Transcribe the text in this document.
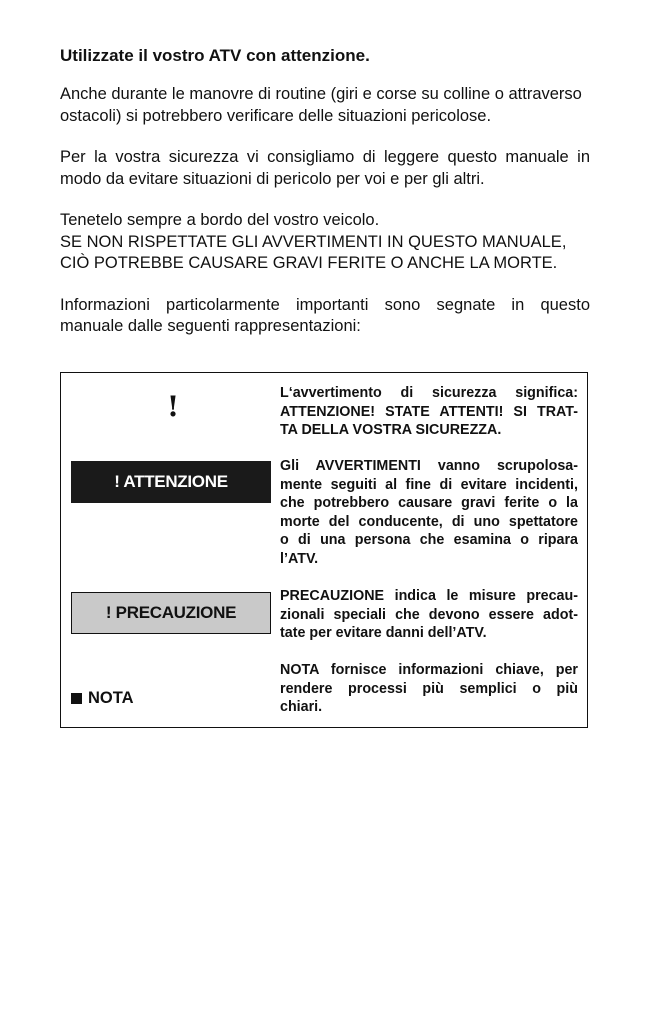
Utilizzate il vostro ATV con attenzione.

Anche durante le manovre di routine (giri e corse su colline o attraverso
ostacoli) si potrebbero verificare delle situazioni pericolose.

Per la vostra sicurezza vi consigliamo di leggere questo manuale in
modo da evitare situazioni di pericolo per voi e per gli altri.

Tenetelo sempre a bordo del vostro veicolo.
SE NON RISPETTATE GLI AVVERTIMENTI IN QUESTO MANUALE,
CIÒ POTREBBE CAUSARE GRAVI FERITE O ANCHE LA MORTE.

Informazioni particolarmente importanti sono segnate in questo
manuale dalle seguenti rappresentazioni:

!	L‘avvertimento di sicurezza significa:
ATTENZIONE! STATE ATTENTI! SI TRAT-
TA DELLA VOSTRA SICUREZZA.
! ATTENZIONE
Gli AVVERTIMENTI vanno scrupolosa-
mente seguiti al fine di evitare incidenti,
che potrebbero causare gravi ferite o la
morte del conducente, di uno spettatore
o di una persona che esamina o ripara
l’ATV.
! PRECAUZIONE
PRECAUZIONE indica le misure precau-
zionali speciali che devono essere adot-
tate per evitare danni dell’ATV.
NOTA
NOTA fornisce informazioni chiave, per
rendere processi più semplici o più
chiari.
